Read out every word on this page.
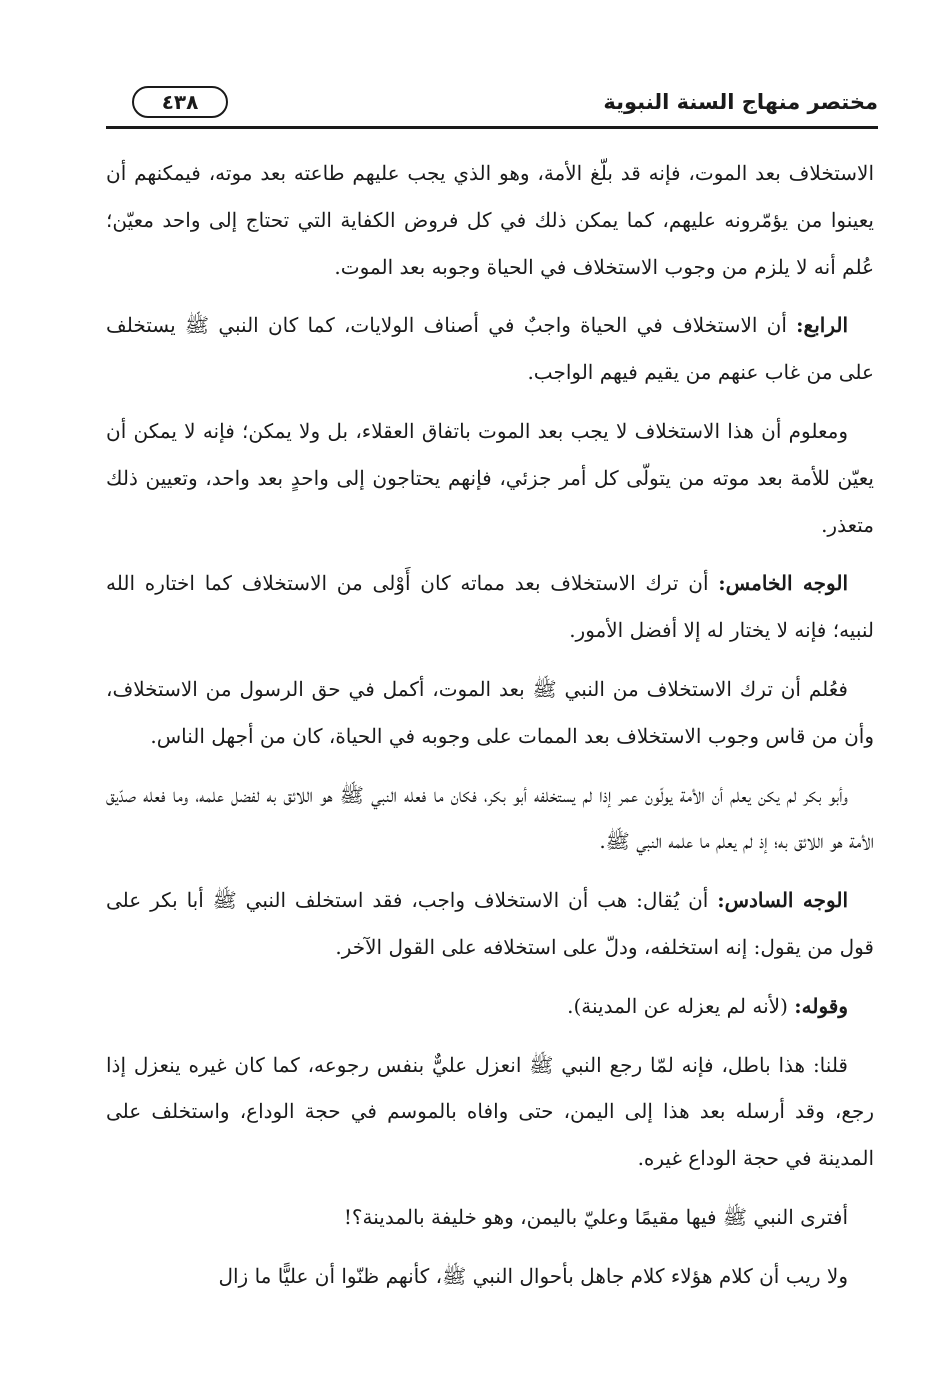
مختصر منهاج السنة النبوية
٤٣٨

الاستخلاف بعد الموت، فإنه قد بلّغ الأمة، وهو الذي يجب عليهم طاعته بعد موته، فيمكنهم أن يعينوا من يؤمّرونه عليهم، كما يمكن ذلك في كل فروض الكفاية التي تحتاج إلى واحد معيّن؛ عُلم أنه لا يلزم من وجوب الاستخلاف في الحياة وجوبه بعد الموت.

الرابع: أن الاستخلاف في الحياة واجبٌ في أصناف الولايات، كما كان النبي ﷺ يستخلف على من غاب عنهم من يقيم فيهم الواجب.

ومعلوم أن هذا الاستخلاف لا يجب بعد الموت باتفاق العقلاء، بل ولا يمكن؛ فإنه لا يمكن أن يعيّن للأمة بعد موته من يتولّى كل أمر جزئي، فإنهم يحتاجون إلى واحدٍ بعد واحد، وتعيين ذلك متعذر.

الوجه الخامس: أن ترك الاستخلاف بعد مماته كان أَوْلى من الاستخلاف كما اختاره الله لنبيه؛ فإنه لا يختار له إلا أفضل الأمور.

فعُلم أن ترك الاستخلاف من النبي ﷺ بعد الموت، أكمل في حق الرسول من الاستخلاف، وأن من قاس وجوب الاستخلاف بعد الممات على وجوبه في الحياة، كان من أجهل الناس.

وأبو بكر لم يكن يعلم أن الأمة يولّون عمر إذا لم يستخلفه أبو بكر، فكان ما فعله النبي ﷺ هو اللائق به لفضل علمه، وما فعله صدّيق الأمة هو اللائق به؛ إذ لم يعلم ما علمه النبي ﷺ.

الوجه السادس: أن يُقال: هب أن الاستخلاف واجب، فقد استخلف النبي ﷺ أبا بكر على قول من يقول: إنه استخلفه، ودلّ على استخلافه على القول الآخر.

وقوله: (لأنه لم يعزله عن المدينة).

قلنا: هذا باطل، فإنه لمّا رجع النبي ﷺ انعزل عليٌّ بنفس رجوعه، كما كان غيره ينعزل إذا رجع، وقد أرسله بعد هذا إلى اليمن، حتى وافاه بالموسم في حجة الوداع، واستخلف على المدينة في حجة الوداع غيره.

أفترى النبي ﷺ فيها مقيمًا وعليّ باليمن، وهو خليفة بالمدينة؟!

ولا ريب أن كلام هؤلاء كلام جاهل بأحوال النبي ﷺ، كأنهم ظنّوا أن عليًّا ما زال
